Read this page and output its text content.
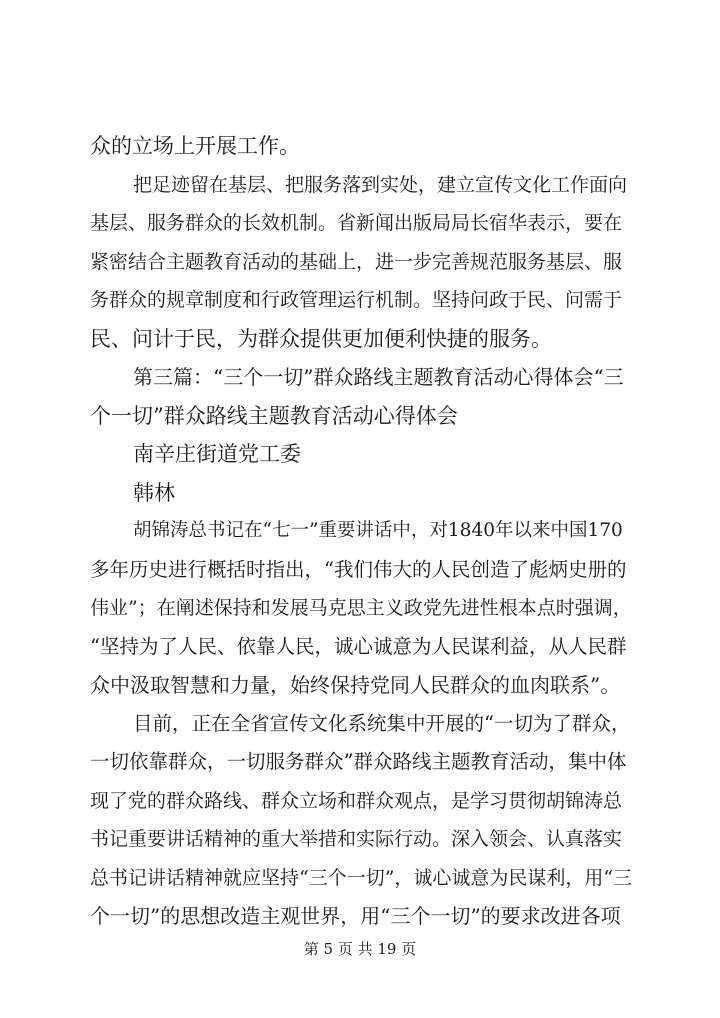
众的立场上开展工作。
把足迹留在基层、把服务落到实处，建立宣传文化工作面向
基层、服务群众的长效机制。省新闻出版局局长宿华表示，要在
紧密结合主题教育活动的基础上，进一步完善规范服务基层、服
务群众的规章制度和行政管理运行机制。坚持问政于民、问需于
民、问计于民，为群众提供更加便利快捷的服务。
第三篇：“三个一切”群众路线主题教育活动心得体会“三
个一切”群众路线主题教育活动心得体会
南辛庄街道党工委
韩林
胡锦涛总书记在“七一”重要讲话中，对1840年以来中国170
多年历史进行概括时指出，“我们伟大的人民创造了彪炳史册的
伟业”；在阐述保持和发展马克思主义政党先进性根本点时强调，
“坚持为了人民、依靠人民，诚心诚意为人民谋利益，从人民群
众中汲取智慧和力量，始终保持党同人民群众的血肉联系”。
目前，正在全省宣传文化系统集中开展的“一切为了群众，
一切依靠群众，一切服务群众”群众路线主题教育活动，集中体
现了党的群众路线、群众立场和群众观点，是学习贯彻胡锦涛总
书记重要讲话精神的重大举措和实际行动。深入领会、认真落实
总书记讲话精神就应坚持“三个一切”，诚心诚意为民谋利，用“三
个一切”的思想改造主观世界，用“三个一切”的要求改进各项
第 5 页 共 19 页
